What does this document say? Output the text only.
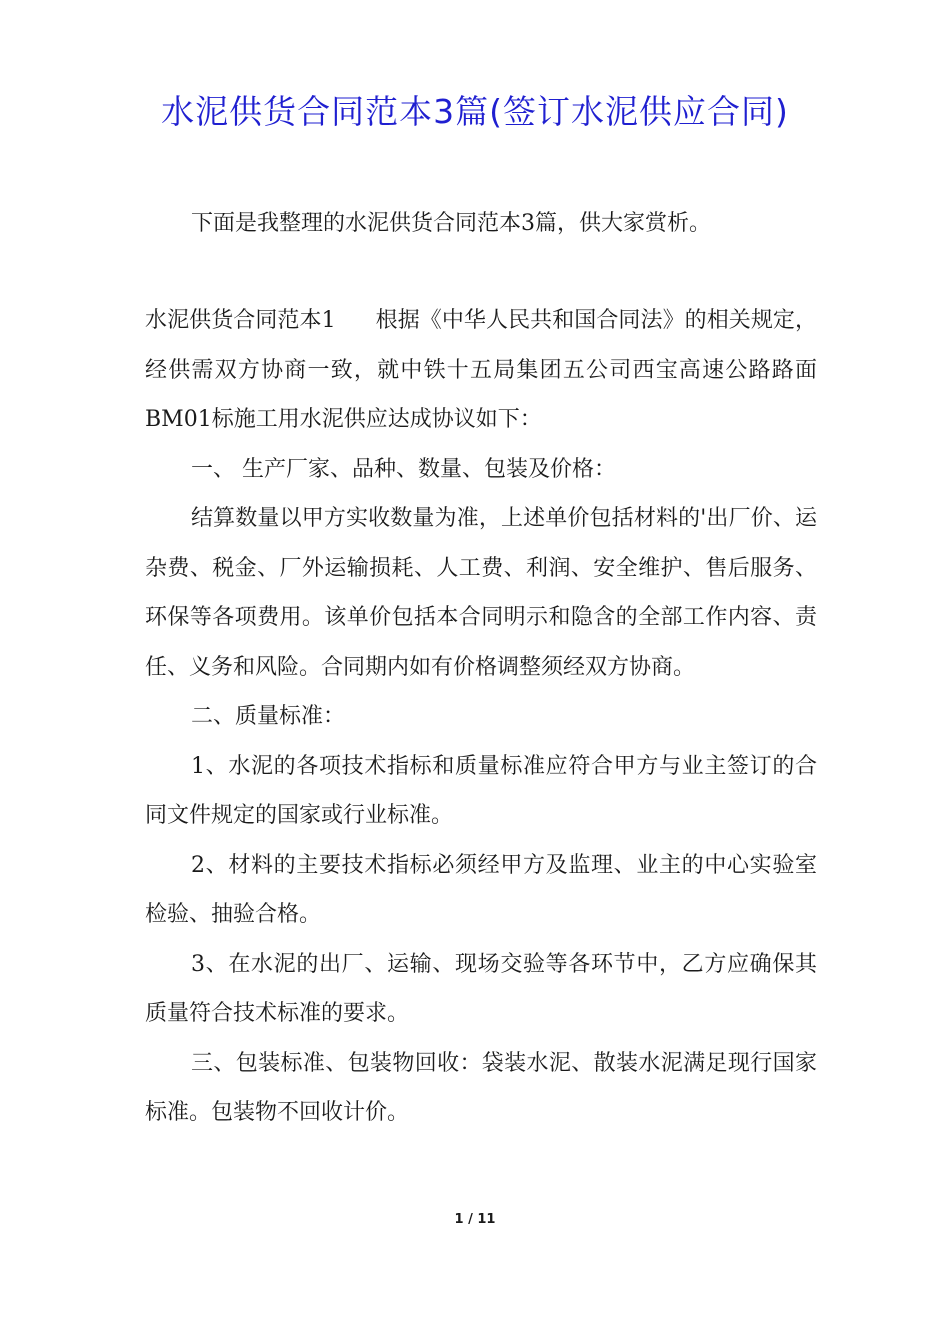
水泥供货合同范本3篇(签订水泥供应合同)
下面是我整理的水泥供货合同范本3篇，供大家赏析。

水泥供货合同范本1 根据《中华人民共和国合同法》的相关规定，经供需双方协商一致，就中铁十五局集团五公司西宝高速公路路面BM01标施工用水泥供应达成协议如下：

一、 生产厂家、品种、数量、包装及价格：

结算数量以甲方实收数量为准，上述单价包括材料的'出厂价、运杂费、税金、厂外运输损耗、人工费、利润、安全维护、售后服务、环保等各项费用。该单价包括本合同明示和隐含的全部工作内容、责任、义务和风险。合同期内如有价格调整须经双方协商。

二、质量标准：

1、水泥的各项技术指标和质量标准应符合甲方与业主签订的合同文件规定的国家或行业标准。

2、材料的主要技术指标必须经甲方及监理、业主的中心实验室检验、抽验合格。

3、在水泥的出厂、运输、现场交验等各环节中，乙方应确保其质量符合技术标准的要求。

三、包装标准、包装物回收：袋装水泥、散装水泥满足现行国家标准。包装物不回收计价。

1 / 11
